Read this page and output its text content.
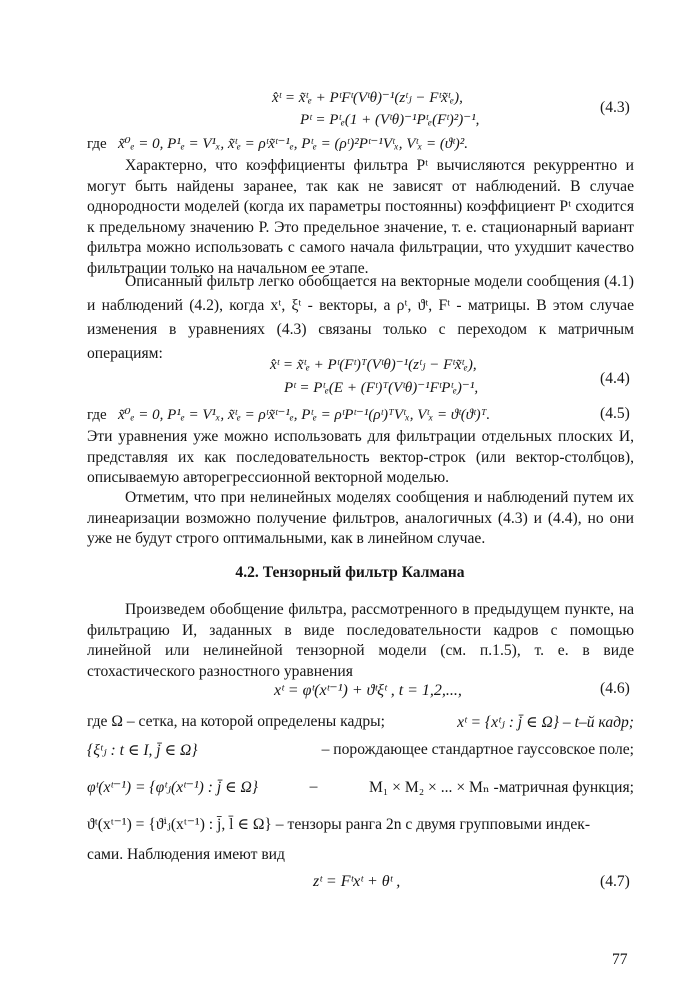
x̂ᵗ = x̃ᵗₑ + PᵗFᵗ(Vᵗθ)⁻¹(zᵗⱼ − Fᵗx̃ᵗₑ),
Pᵗ = Pᵗₑ(1 + (Vᵗθ)⁻¹Pᵗₑ(Fᵗ)²)⁻¹,
(4.3)
где x̃⁰ₑ = 0, P¹ₑ = V¹ₓ, x̃ᵗₑ = ρᵗx̃ᵗ⁻¹ₑ, Pᵗₑ = (ρᵗ)²Pᵗ⁻¹Vᵗₓ, Vᵗₓ = (ϑᵗ)².

Характерно, что коэффициенты фильтра Pᵗ вычисляются рекуррентно и могут быть найдены заранее, так как не зависят от наблюдений. В случае однородности моделей (когда их параметры постоянны) коэффициент Pᵗ сходится к предельному значению P. Это предельное значение, т. е. стационарный вариант фильтра можно использовать с самого начала фильтрации, что ухудшит качество фильтрации только на начальном ее этапе.

Описанный фильтр легко обобщается на векторные модели сообщения (4.1) и наблюдений (4.2), когда xᵗ, ξᵗ - векторы, а ρᵗ, ϑᵗ, Fᵗ - матрицы. В этом случае изменения в уравнениях (4.3) связаны только с переходом к матричным операциям:

x̂ᵗ = x̃ᵗₑ + Pᵗ(Fᵗ)ᵀ(Vᵗθ)⁻¹(zᵗⱼ − Fᵗx̃ᵗₑ),
Pᵗ = Pᵗₑ(E + (Fᵗ)ᵀ(Vᵗθ)⁻¹FᵗPᵗₑ)⁻¹,
(4.4)
где x̃⁰ₑ = 0, P¹ₑ = V¹ₓ, x̃ᵗₑ = ρᵗx̃ᵗ⁻¹ₑ, Pᵗₑ = ρᵗPᵗ⁻¹(ρᵗ)ᵀVᵗₓ, Vᵗₓ = ϑᵗ(ϑᵗ)ᵀ.	(4.5)

Эти уравнения уже можно использовать для фильтрации отдельных плоских И, представляя их как последовательность вектор-строк (или вектор-столбцов), описываемую авторегрессионной векторной моделью.

Отметим, что при нелинейных моделях сообщения и наблюдений путем их линеаризации возможно получение фильтров, аналогичных (4.3) и (4.4), но они уже не будут строго оптимальными, как в линейном случае.

4.2. Тензорный фильтр Калмана

Произведем обобщение фильтра, рассмотренного в предыдущем пункте, на фильтрацию И, заданных в виде последовательности кадров с помощью линейной или нелинейной тензорной модели (см. п.1.5), т. е. в виде стохастического разностного уравнения

xᵗ = φᵗ(xᵗ⁻¹) + ϑᵗξᵗ , t = 1,2,...,	(4.6)
где Ω – сетка, на которой определены кадры;	xᵗ = {xᵗⱼ : j̄ ∈ Ω} – t–й кадр;
{ξᵗⱼ : t ∈ I, j̄ ∈ Ω}	– порождающее стандартное гауссовское поле;
φᵗ(xᵗ⁻¹) = {φᵗⱼ(xᵗ⁻¹) : j̄ ∈ Ω}	–	M₁ × M₂ × ... × Mₙ -матричная функция;
ϑᵗ(xᵗ⁻¹) = {ϑⁱⱼ(xᵗ⁻¹) : j̄, l̄ ∈ Ω} – тензоры ранга 2n с двумя групповыми индек-
сами. Наблюдения имеют вид
zᵗ = Fᵗxᵗ + θᵗ ,	(4.7)
77
